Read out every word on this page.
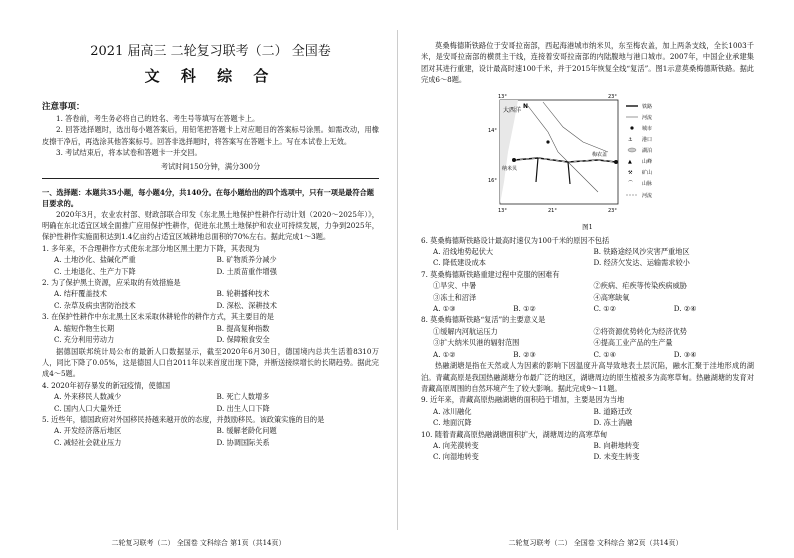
2021 届高三 二轮复习联考（二） 全国卷
文 科 综 合
注意事项：

1. 答卷前，考生务必将自己的姓名、考生号等填写在答题卡上。

2. 回答选择题时，选出每小题答案后，用铅笔把答题卡上对应题目的答案标号涂黑。如需改动，用橡皮擦干净后，再选涂其他答案标号。回答非选择题时，将答案写在答题卡上。写在本试卷上无效。

3. 考试结束后，将本试卷和答题卡一并交回。

考试时间150分钟，满分300分

一、选择题：本题共35小题，每小题4分，共140分。在每小题给出的四个选项中，只有一项是最符合题目要求的。

2020年3月，农业农村部、财政部联合印发《东北黑土地保护性耕作行动计划（2020～2025年）》，明确在东北适宜区域全面推广应用保护性耕作，促进东北黑土地保护和农业可持续发展，力争到2025年，保护性耕作实施面积达到1.4亿亩约占适宜区域耕地总面积的70%左右。据此完成1～3题。

1. 多年来，不合理耕作方式使东北部分地区黑土肥力下降，其表现为

A. 土地沙化、盐碱化严重	B. 矿物质养分减少
C. 土地退化、生产力下降	D. 土质苗重作增强

2. 为了保护黑土资源，应采取的有效措施是

A. 结秆覆盖技术	B. 轮耕播种技术
C. 杂草及病虫害防治技术	D. 深松、深耕技术

3. 在保护性耕作中东北黑土区未采取休耕轮作的耕作方式，其主要目的是

A. 缩短作物生长期	B. 提高复种指数
C. 充分利用劳动力	D. 保障粮食安全

据德国联邦统计局公布的最新人口数据显示，截至2020年6月30日，德国境内总共生活着8310万人，同比下降了0.05%，这是德国人口自2011年以来首度出现下降，并断送接续增长的长期趋势。据此完成4～5题。

4. 2020年初存暴发的新冠疫情，使德国

A. 外来移民人数减少	B. 死亡人数增多
C. 国内人口大量外迁	D. 出生人口下降

5. 近些年，德国政府对外国移民持越来越开放的态度，并鼓励移民。该政策实施的目的是

A. 开发经济落后地区	B. 缓解老龄化问题
C. 减轻社会就业压力	D. 协调国际关系
二轮复习联考（二） 全国卷 文科综合 第1页（共14页）

莫桑梅德斯铁路位于安哥拉南部，西起海港城市纳米贝，东至梅农盖，加上两条支线，全长1003千米，是安哥拉南部的横贯主干线，连接着安哥拉南部的内陆腹地与港口城市。2007年，中国企业承建集团对其进行重建，设计最高时速100千米，并于2015年恢复全线“复活”。图1示意莫桑梅德斯铁路。据此完成6～8题。

大西洋
纳米贝
梅农盖
14°
16°
13°	21°	23°
13°	23°
N	铁路
河流
城市
⚓ 港口
湖泊
▲ 山峰
⚒ 矿山
⌒ 山脉
河流
图1

6. 莫桑梅德斯铁路设计最高时速仅为100千米的原因不包括

A. 沿线地势起伏大	B. 铁路途经风沙灾害严重地区
C. 降低建设成本	D. 经济欠发达、运输需求较小

7. 莫桑梅德斯铁路重建过程中克服的困难有

①旱灾、中暑	②疾病、疟疾等传染疾病威胁
③冻土和沼泽	④高寒缺氧
A. ①③	B. ①②	C. ①②	D. ②④

8. 莫桑梅德斯铁路“复活”的主要意义是

①缓解内河航运压力	②将资源优势转化为经济优势
③扩大纳米贝港的辐射范围	④提高工业产品的生产量
A. ①②	B. ②③	C. ①④	D. ③④

热融湖塘是指在天然或人为因素的影响下因温度升高导致地表土层沉陷，融水汇聚于洼地形成的湖泊。青藏高原是我国热融湖塘分布最广泛的地区，湖塘周边的原生植被多为高寒草甸。热融湖塘的发育对青藏高原周围的自然环境产生了较大影响。据此完成9～11题。

9. 近年来，青藏高原热融湖塘的面积趋于增加，主要是因为当地

A. 冰川融化	B. 道路迁改
C. 地面沉降	D. 冻土消融

10. 随着青藏高原热融湖塘面积扩大，湖塘周边的高寒草甸

A. 向芜漠转变	B. 向耕地转变
C. 向湿地转变	D. 未变生转变
二轮复习联考（二） 全国卷 文科综合 第2页（共14页）
